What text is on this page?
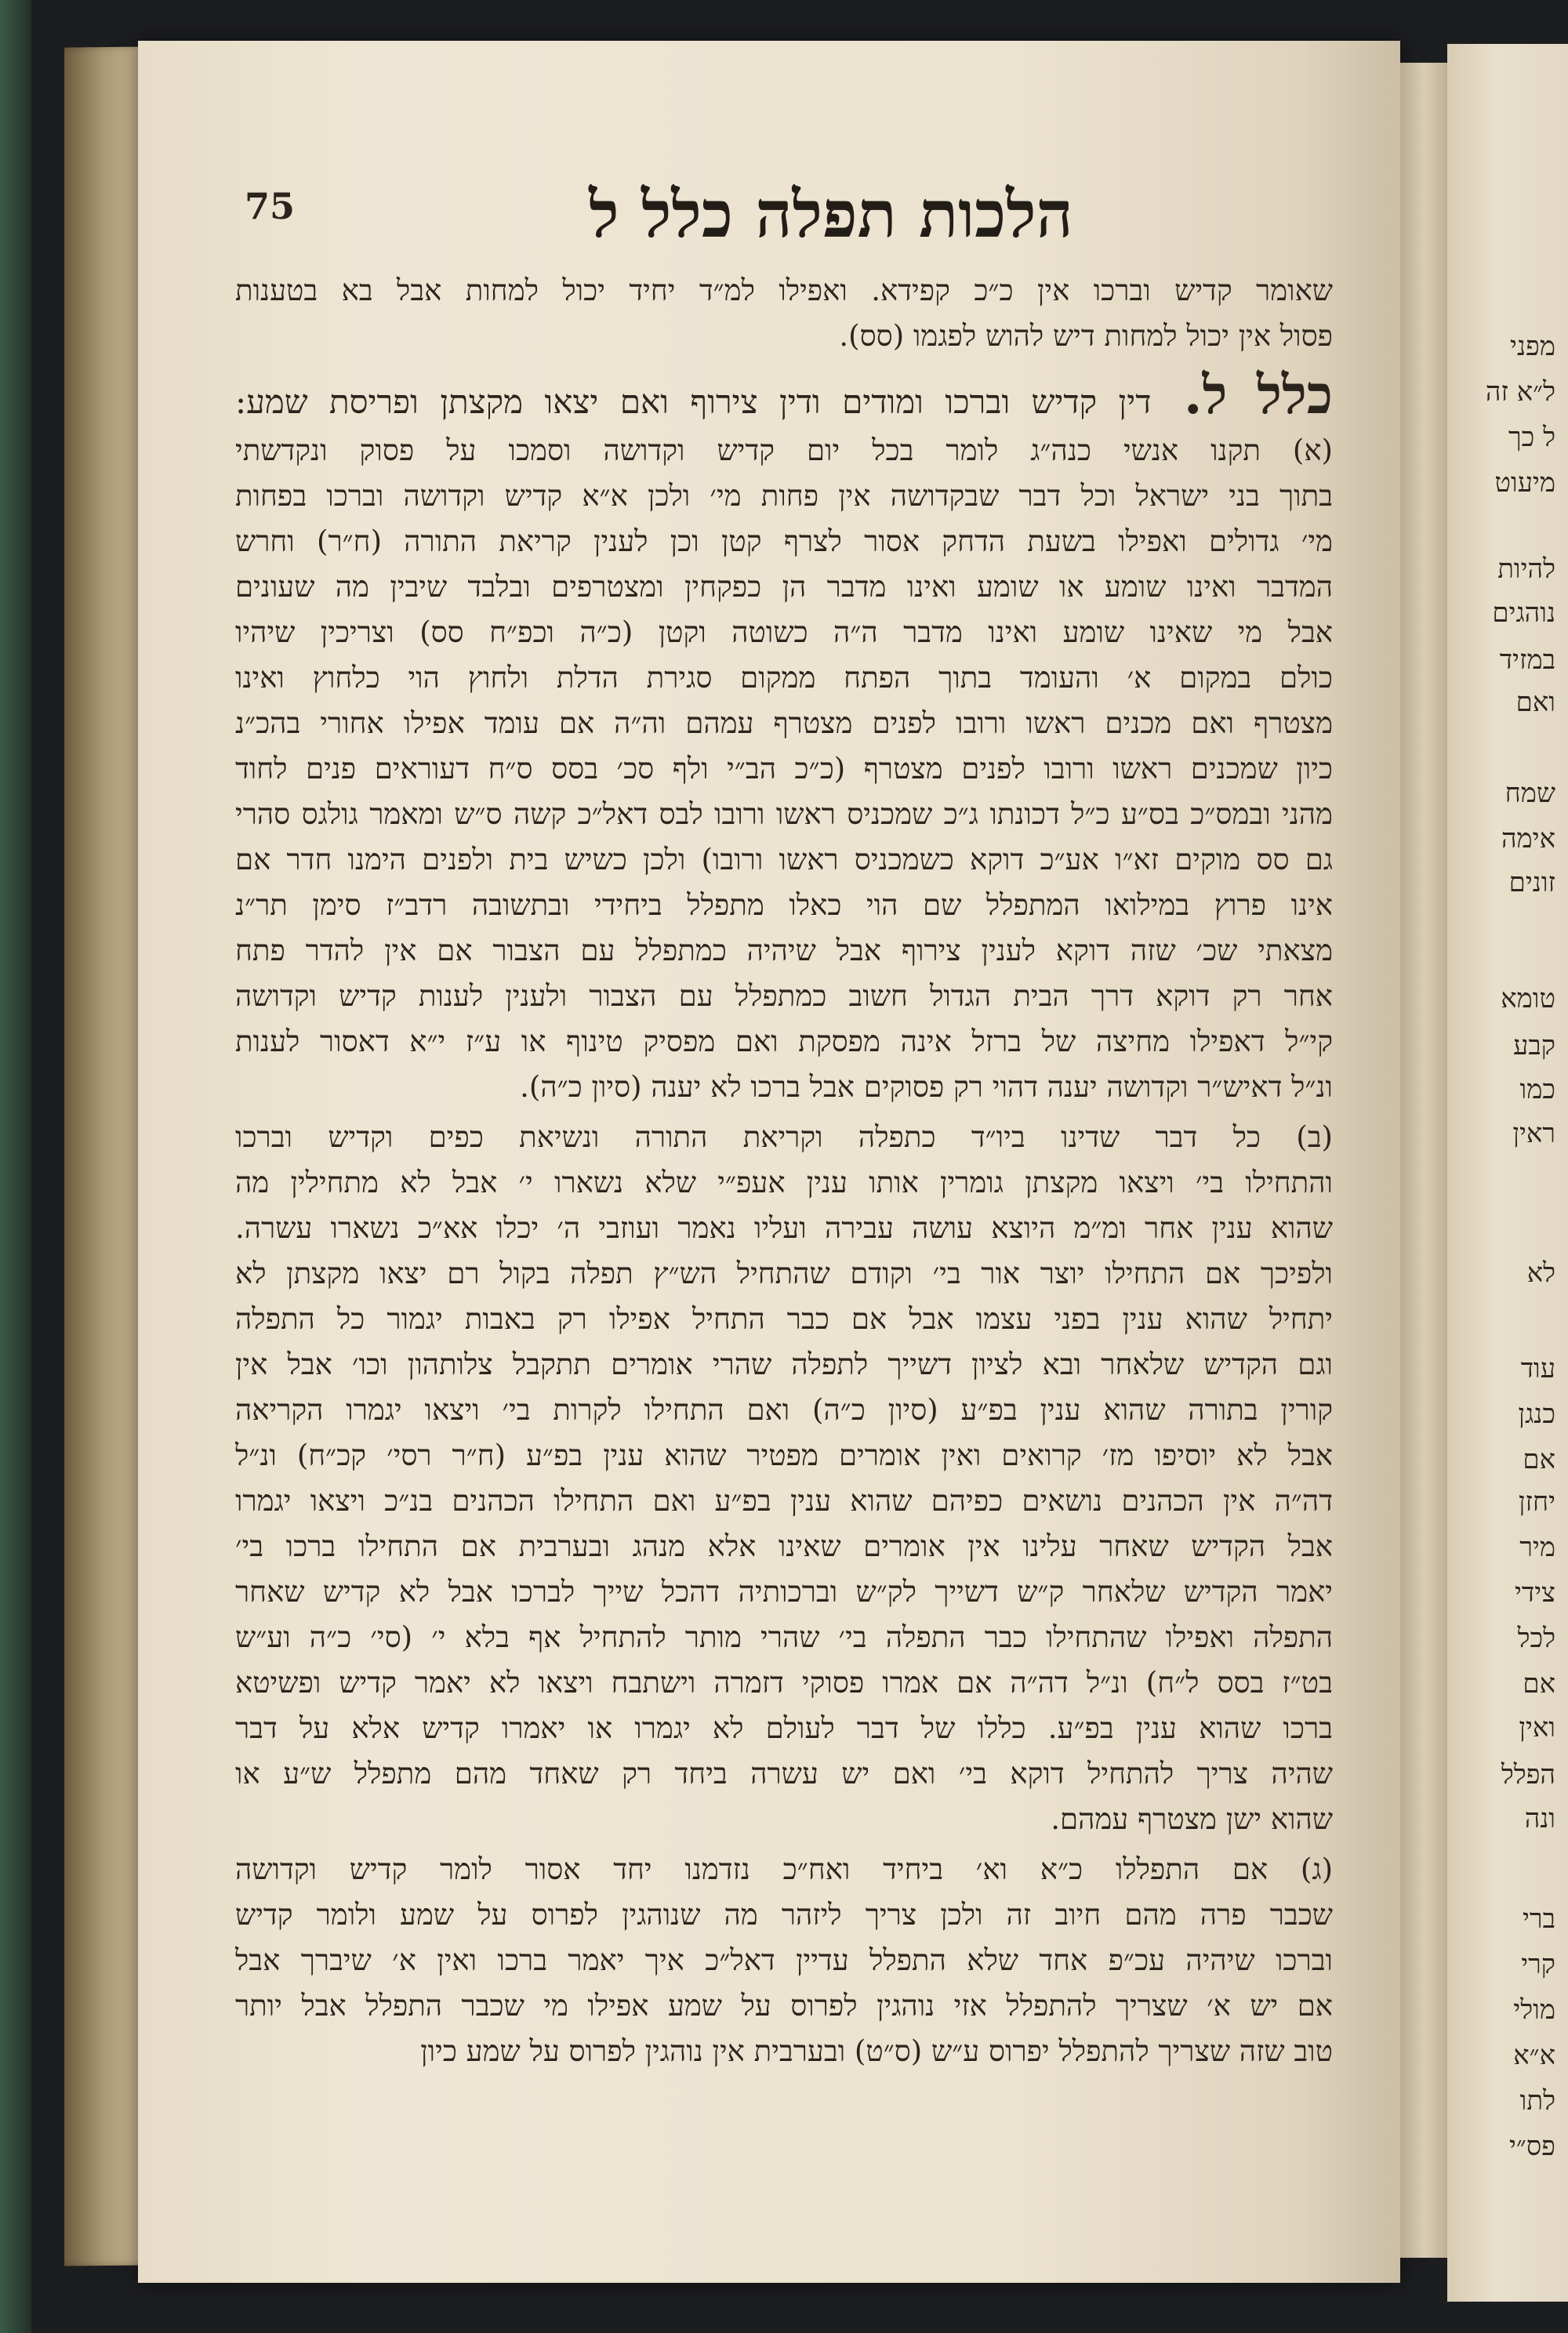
מפני
ל״א זה
ל כך
מיעוט
להיות
נוהגים
במזיד
ואם
שמח
אימה
זונים
טומא
קבע
כמו
ראין
לא
עוד
כנגן
אם
יחזן
מיר
צידי
לכל
אם
ואין
הפלל
ונה
ברי
קרי
מולי
א״א
לתו
פס״י
75	הלכות תפלה כלל ל
שאומר קדיש וברכו אין כ״כ קפידא. ואפילו למ״ד יחיד יכול למחות אבל בא בטענות
פסול אין יכול למחות דיש להוש לפגמו (סס).
כלל ל. דין קדיש וברכו ומודים ודין צירוף ואם יצאו מקצתן ופריסת שמע:
(א) תקנו אנשי כנה״ג לומר בכל יום קדיש וקדושה וסמכו על פסוק ונקדשתי
בתוך בני ישראל וכל דבר שבקדושה אין פחות מי׳ ולכן א״א קדיש וקדושה וברכו בפחות
מי׳ גדולים ואפילו בשעת הדחק אסור לצרף קטן וכן לענין קריאת התורה (ח״ר) וחרש
המדבר ואינו שומע או שומע ואינו מדבר הן כפקחין ומצטרפים ובלבד שיבין מה שעונים
אבל מי שאינו שומע ואינו מדבר ה״ה כשוטה וקטן (כ״ה וכפ״ח סס) וצריכין שיהיו
כולם במקום א׳ והעומד בתוך הפתח ממקום סגירת הדלת ולחוץ הוי כלחוץ ואינו
מצטרף ואם מכנים ראשו ורובו לפנים מצטרף עמהם וה״ה אם עומד אפילו אחורי בהכ״נ
כיון שמכנים ראשו ורובו לפנים מצטרף (כ״כ הב״י ולף סכ׳ בסס ס״ח דעוראים פנים לחוד
מהני ובמס״כ בס״ע כ״ל דכונתו ג״כ שמכניס ראשו ורובו לבס דאל״כ קשה ס״ש ומאמר גולגס סהרי
גם סס מוקים זא״ו אע״כ דוקא כשמכניס ראשו ורובו) ולכן כשיש בית ולפנים הימנו חדר אם
אינו פרוץ במילואו המתפלל שם הוי כאלו מתפלל ביחידי ובתשובה רדב״ז סימן תר״נ
מצאתי שכ׳ שזה דוקא לענין צירוף אבל שיהיה כמתפלל עם הצבור אם אין להדר פתח
אחר רק דוקא דרך הבית הגדול חשוב כמתפלל עם הצבור ולענין לענות קדיש וקדושה
קי״ל דאפילו מחיצה של ברזל אינה מפסקת ואם מפסיק טינוף או ע״ז י״א דאסור לענות
ונ״ל דאיש״ר וקדושה יענה דהוי רק פסוקים אבל ברכו לא יענה (סיון כ״ה).
(ב) כל דבר שדינו ביו״ד כתפלה וקריאת התורה ונשיאת כפים וקדיש וברכו
והתחילו בי׳ ויצאו מקצתן גומרין אותו ענין אעפ״י שלא נשארו י׳ אבל לא מתחילין מה
שהוא ענין אחר ומ״מ היוצא עושה עבירה ועליו נאמר ועוזבי ה׳ יכלו אא״כ נשארו עשרה.
ולפיכך אם התחילו יוצר אור בי׳ וקודם שהתחיל הש״ץ תפלה בקול רם יצאו מקצתן לא
יתחיל שהוא ענין בפני עצמו אבל אם כבר התחיל אפילו רק באבות יגמור כל התפלה
וגם הקדיש שלאחר ובא לציון דשייך לתפלה שהרי אומרים תתקבל צלותהון וכו׳ אבל אין
קורין בתורה שהוא ענין בפ״ע (סיון כ״ה) ואם התחילו לקרות בי׳ ויצאו יגמרו הקריאה
אבל לא יוסיפו מז׳ קרואים ואין אומרים מפטיר שהוא ענין בפ״ע (ח״ר רסי׳ קכ״ח) ונ״ל
דה״ה אין הכהנים נושאים כפיהם שהוא ענין בפ״ע ואם התחילו הכהנים בנ״כ ויצאו יגמרו
אבל הקדיש שאחר עלינו אין אומרים שאינו אלא מנהג ובערבית אם התחילו ברכו בי׳
יאמר הקדיש שלאחר ק״ש דשייך לק״ש וברכותיה דהכל שייך לברכו אבל לא קדיש שאחר
התפלה ואפילו שהתחילו כבר התפלה בי׳ שהרי מותר להתחיל אף בלא י׳ (סי׳ כ״ה וע״ש
בט״ז בסס ל״ח) ונ״ל דה״ה אם אמרו פסוקי דזמרה וישתבח ויצאו לא יאמר קדיש ופשיטא
ברכו שהוא ענין בפ״ע. כללו של דבר לעולם לא יגמרו או יאמרו קדיש אלא על דבר
שהיה צריך להתחיל דוקא בי׳ ואם יש עשרה ביחד רק שאחד מהם מתפלל ש״ע או
שהוא ישן מצטרף עמהם.
(ג) אם התפללו כ״א וא׳ ביחיד ואח״כ נזדמנו יחד אסור לומר קדיש וקדושה
שכבר פרה מהם חיוב זה ולכן צריך ליזהר מה שנוהגין לפרוס על שמע ולומר קדיש
וברכו שיהיה עכ״פ אחד שלא התפלל עדיין דאל״כ איך יאמר ברכו ואין א׳ שיברך אבל
אם יש א׳ שצריך להתפלל אזי נוהגין לפרוס על שמע אפילו מי שכבר התפלל אבל יותר
טוב שזה שצריך להתפלל יפרוס ע״ש (ס״ט) ובערבית אין נוהגין לפרוס על שמע כיון
